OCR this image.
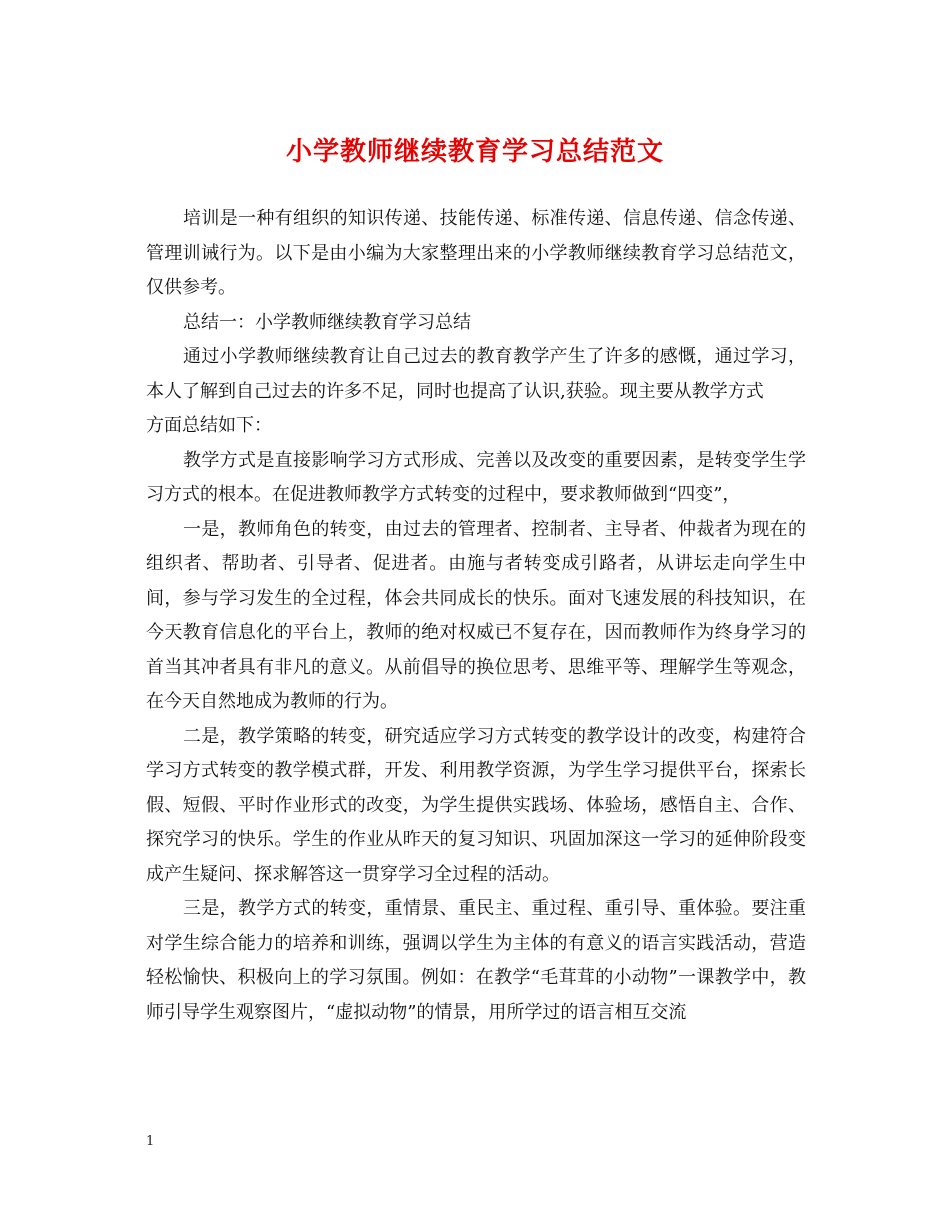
小学教师继续教育学习总结范文

培训是一种有组织的知识传递、技能传递、标准传递、信息传递、信念传递、管理训诫行为。以下是由小编为大家整理出来的小学教师继续教育学习总结范文，仅供参考。

总结一：小学教师继续教育学习总结

通过小学教师继续教育让自己过去的教育教学产生了许多的感慨，通过学习，本人了解到自己过去的许多不足，同时也提高了认识,获验。现主要从教学方式

方面总结如下：

教学方式是直接影响学习方式形成、完善以及改变的重要因素，是转变学生学习方式的根本。在促进教师教学方式转变的过程中，要求教师做到“四变”，

一是，教师角色的转变，由过去的管理者、控制者、主导者、仲裁者为现在的组织者、帮助者、引导者、促进者。由施与者转变成引路者，从讲坛走向学生中间，参与学习发生的全过程，体会共同成长的快乐。面对飞速发展的科技知识，在今天教育信息化的平台上，教师的绝对权威已不复存在，因而教师作为终身学习的首当其冲者具有非凡的意义。从前倡导的换位思考、思维平等、理解学生等观念，在今天自然地成为教师的行为。

二是，教学策略的转变，研究适应学习方式转变的教学设计的改变，构建符合学习方式转变的教学模式群，开发、利用教学资源，为学生学习提供平台，探索长假、短假、平时作业形式的改变，为学生提供实践场、体验场，感悟自主、合作、探究学习的快乐。学生的作业从昨天的复习知识、巩固加深这一学习的延伸阶段变成产生疑问、探求解答这一贯穿学习全过程的活动。

三是，教学方式的转变，重情景、重民主、重过程、重引导、重体验。要注重对学生综合能力的培养和训练，强调以学生为主体的有意义的语言实践活动，营造轻松愉快、积极向上的学习氛围。例如：在教学“毛茸茸的小动物”一课教学中，教师引导学生观察图片，“虚拟动物”的情景，用所学过的语言相互交流

1
